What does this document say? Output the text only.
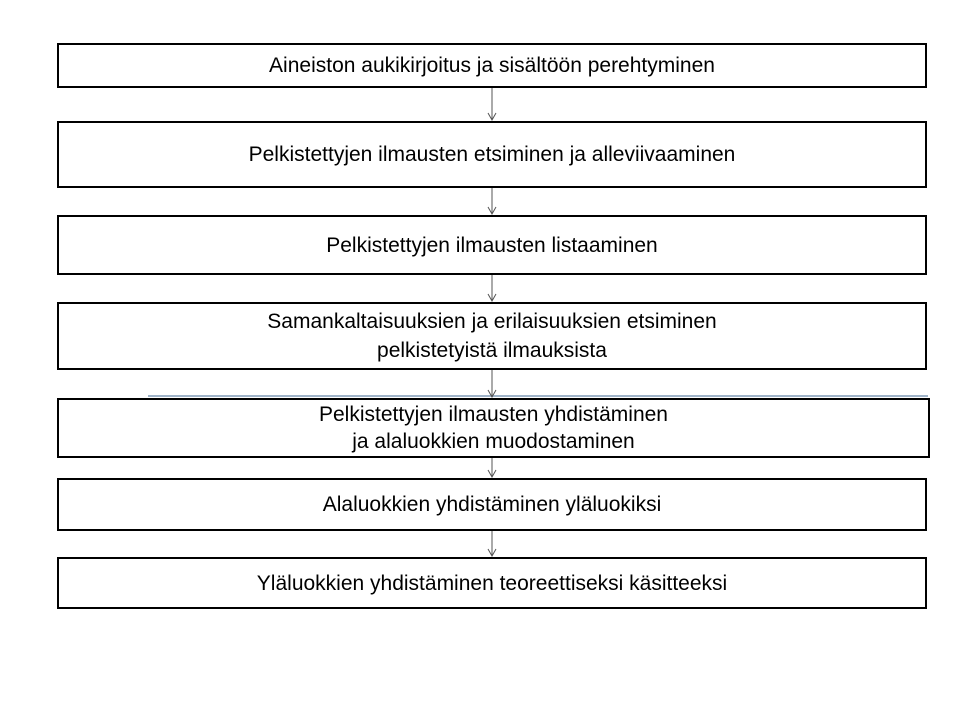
Aineiston aukikirjoitus ja sisältöön perehtyminen
Pelkistettyjen ilmausten etsiminen ja alleviivaaminen
Pelkistettyjen ilmausten listaaminen
Samankaltaisuuksien ja erilaisuuksien etsiminen
pelkistetyistä ilmauksista
Pelkistettyjen ilmausten yhdistäminen
ja alaluokkien muodostaminen
Alaluokkien yhdistäminen yläluokiksi
Yläluokkien yhdistäminen teoreettiseksi käsitteeksi
